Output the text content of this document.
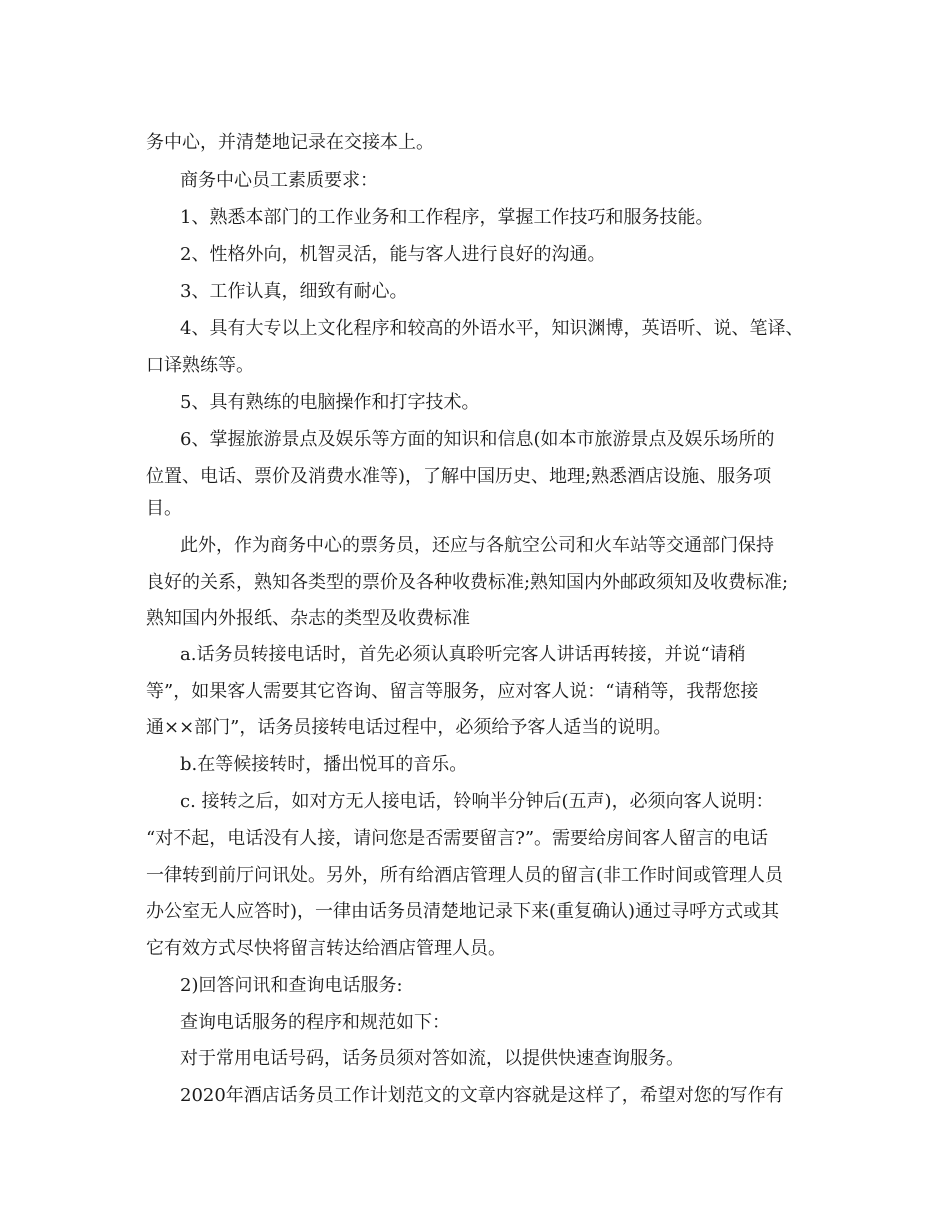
务中心，并清楚地记录在交接本上。
商务中心员工素质要求：
1、熟悉本部门的工作业务和工作程序，掌握工作技巧和服务技能。
2、性格外向，机智灵活，能与客人进行良好的沟通。
3、工作认真，细致有耐心。
4、具有大专以上文化程序和较高的外语水平，知识渊博，英语听、说、笔译、
口译熟练等。
5、具有熟练的电脑操作和打字技术。
6、掌握旅游景点及娱乐等方面的知识和信息(如本市旅游景点及娱乐场所的
位置、电话、票价及消费水准等)，了解中国历史、地理;熟悉酒店设施、服务项
目。
此外，作为商务中心的票务员，还应与各航空公司和火车站等交通部门保持
良好的关系，熟知各类型的票价及各种收费标准;熟知国内外邮政须知及收费标准;
熟知国内外报纸、杂志的类型及收费标准
a.话务员转接电话时，首先必须认真聆听完客人讲话再转接，并说“请稍
等”，如果客人需要其它咨询、留言等服务，应对客人说：“请稍等，我帮您接
通××部门”，话务员接转电话过程中，必须给予客人适当的说明。
b.在等候接转时，播出悦耳的音乐。
c. 接转之后，如对方无人接电话，铃响半分钟后(五声)，必须向客人说明：
“对不起，电话没有人接，请问您是否需要留言?”。需要给房间客人留言的电话
一律转到前厅问讯处。另外，所有给酒店管理人员的留言(非工作时间或管理人员
办公室无人应答时)，一律由话务员清楚地记录下来(重复确认)通过寻呼方式或其
它有效方式尽快将留言转达给酒店管理人员。
2)回答问讯和查询电话服务:
查询电话服务的程序和规范如下：
对于常用电话号码，话务员须对答如流，以提供快速查询服务。
2020年酒店话务员工作计划范文的文章内容就是这样了，希望对您的写作有
